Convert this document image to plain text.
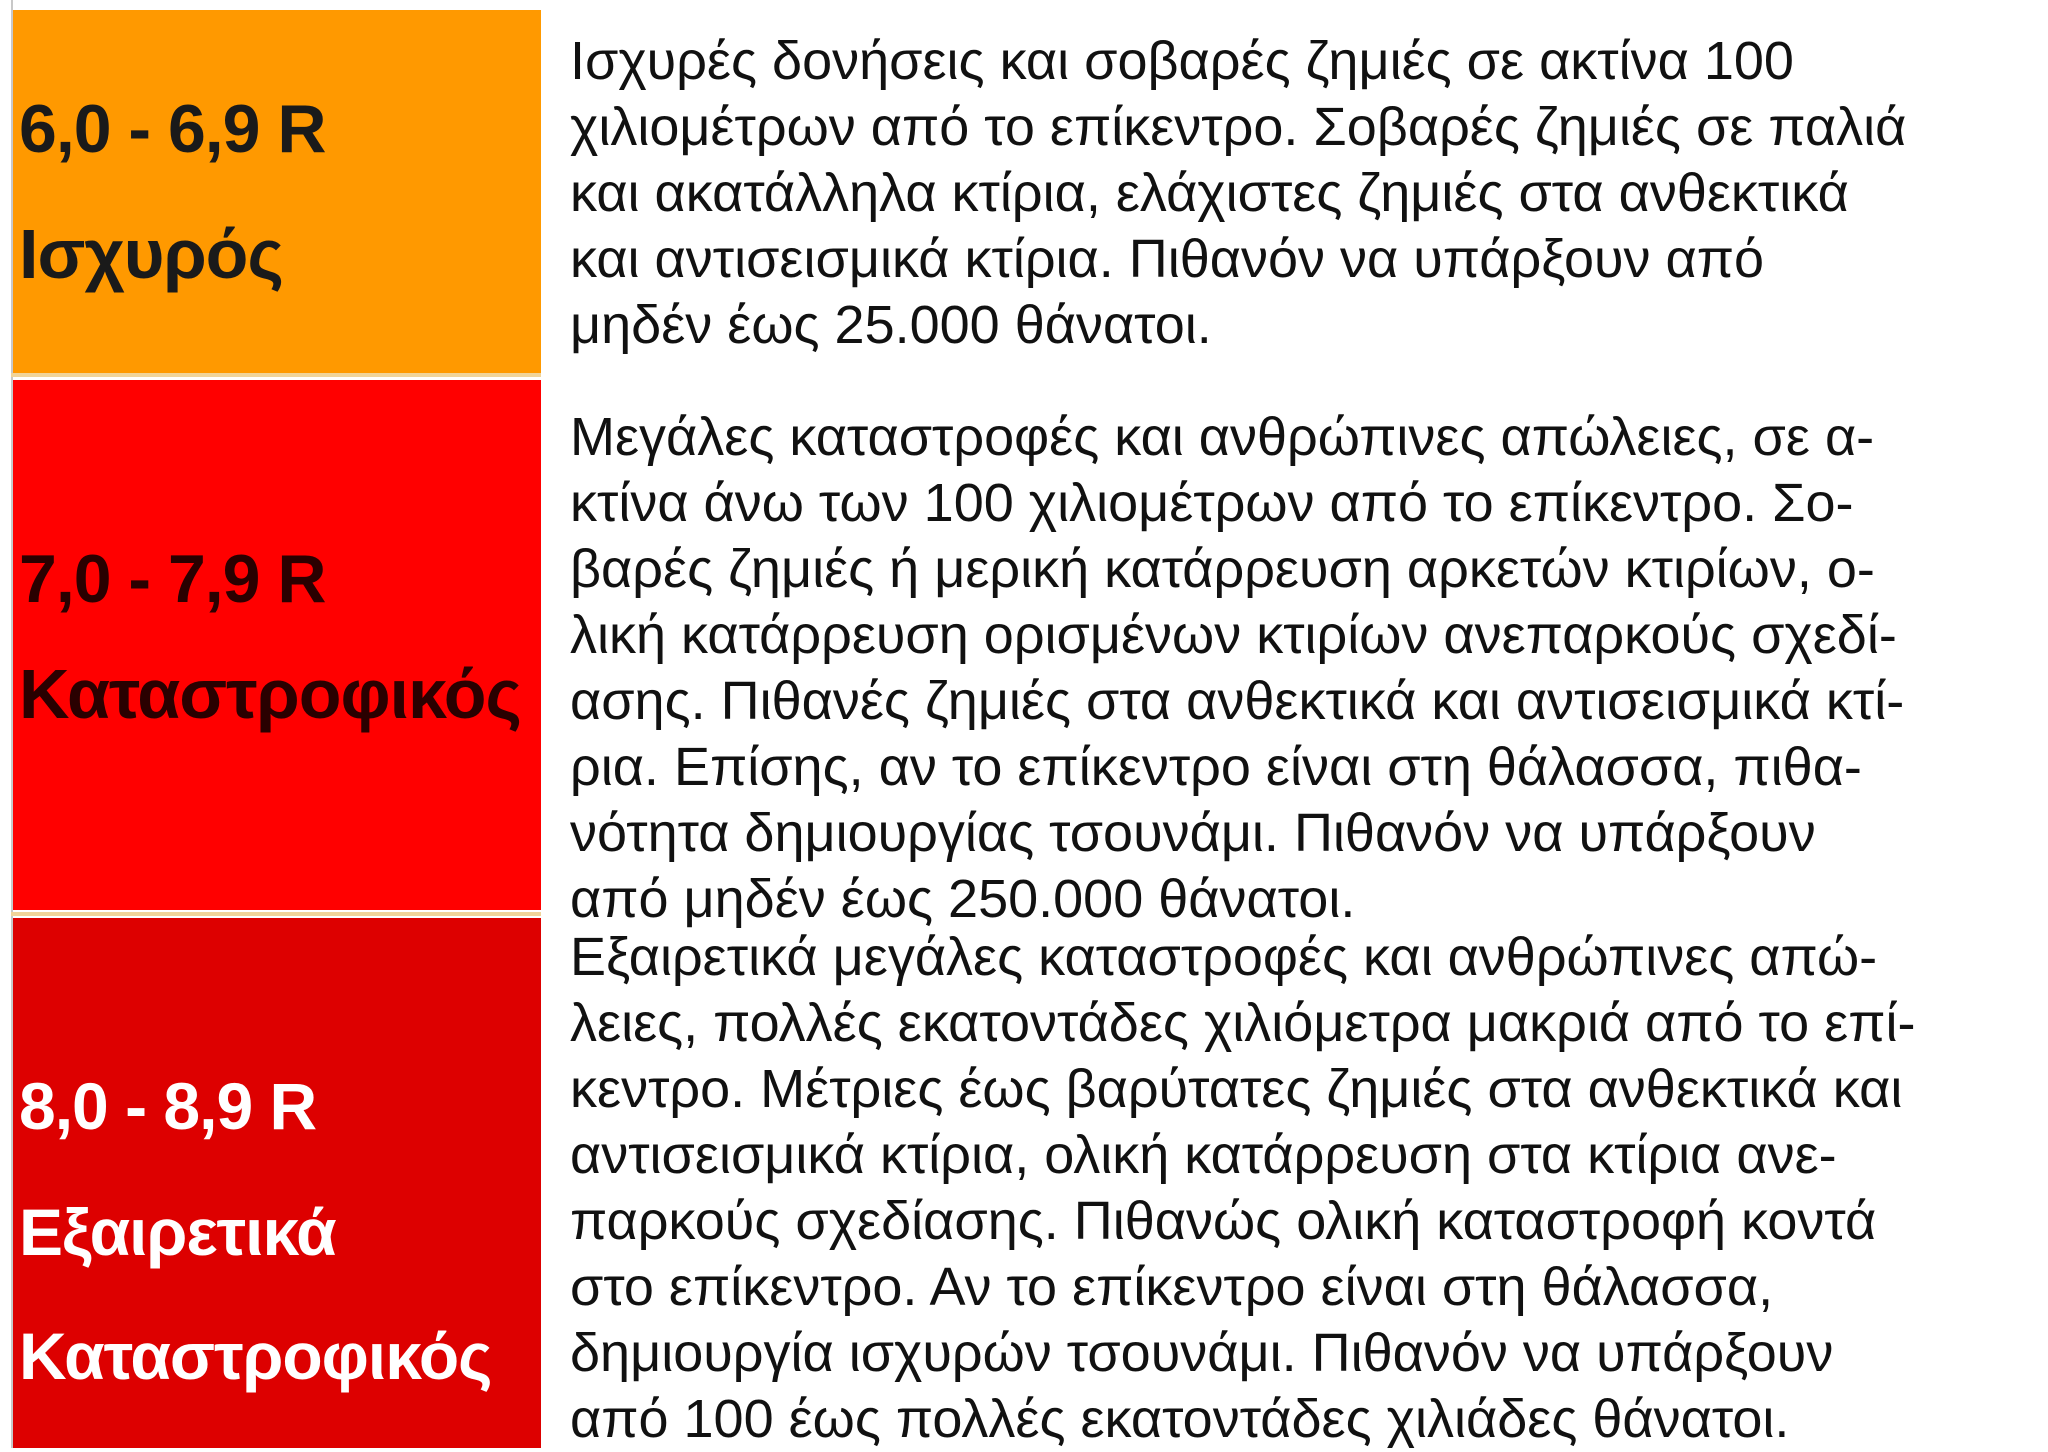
6,0 - 6,9 R
Ισχυρός
Ισχυρές δονήσεις και σοβαρές ζημιές σε ακτίνα 100
χιλιομέτρων από το επίκεντρο. Σοβαρές ζημιές σε παλιά
και ακατάλληλα κτίρια, ελάχιστες ζημιές στα ανθεκτικά
και αντισεισμικά κτίρια. Πιθανόν να υπάρξουν από
μηδέν έως 25.000 θάνατοι.
7,0 - 7,9 R
Καταστροφικός
Μεγάλες καταστροφές και ανθρώπινες απώλειες, σε α-
κτίνα άνω των 100 χιλιομέτρων από το επίκεντρο. Σο-
βαρές ζημιές ή μερική κατάρρευση αρκετών κτιρίων, ο-
λική κατάρρευση ορισμένων κτιρίων ανεπαρκούς σχεδί-
ασης. Πιθανές ζημιές στα ανθεκτικά και αντισεισμικά κτί-
ρια. Επίσης, αν το επίκεντρο είναι στη θάλασσα, πιθα-
νότητα δημιουργίας τσουνάμι. Πιθανόν να υπάρξουν
από μηδέν έως 250.000 θάνατοι.
8,0 - 8,9 R
Εξαιρετικά
Καταστροφικός
Εξαιρετικά μεγάλες καταστροφές και ανθρώπινες απώ-
λειες, πολλές εκατοντάδες χιλιόμετρα μακριά από το επί-
κεντρο. Μέτριες έως βαρύτατες ζημιές στα ανθεκτικά και
αντισεισμικά κτίρια, ολική κατάρρευση στα κτίρια ανε-
παρκούς σχεδίασης. Πιθανώς ολική καταστροφή κοντά
στο επίκεντρο. Αν το επίκεντρο είναι στη θάλασσα,
δημιουργία ισχυρών τσουνάμι. Πιθανόν να υπάρξουν
από 100 έως πολλές εκατοντάδες χιλιάδες θάνατοι.
